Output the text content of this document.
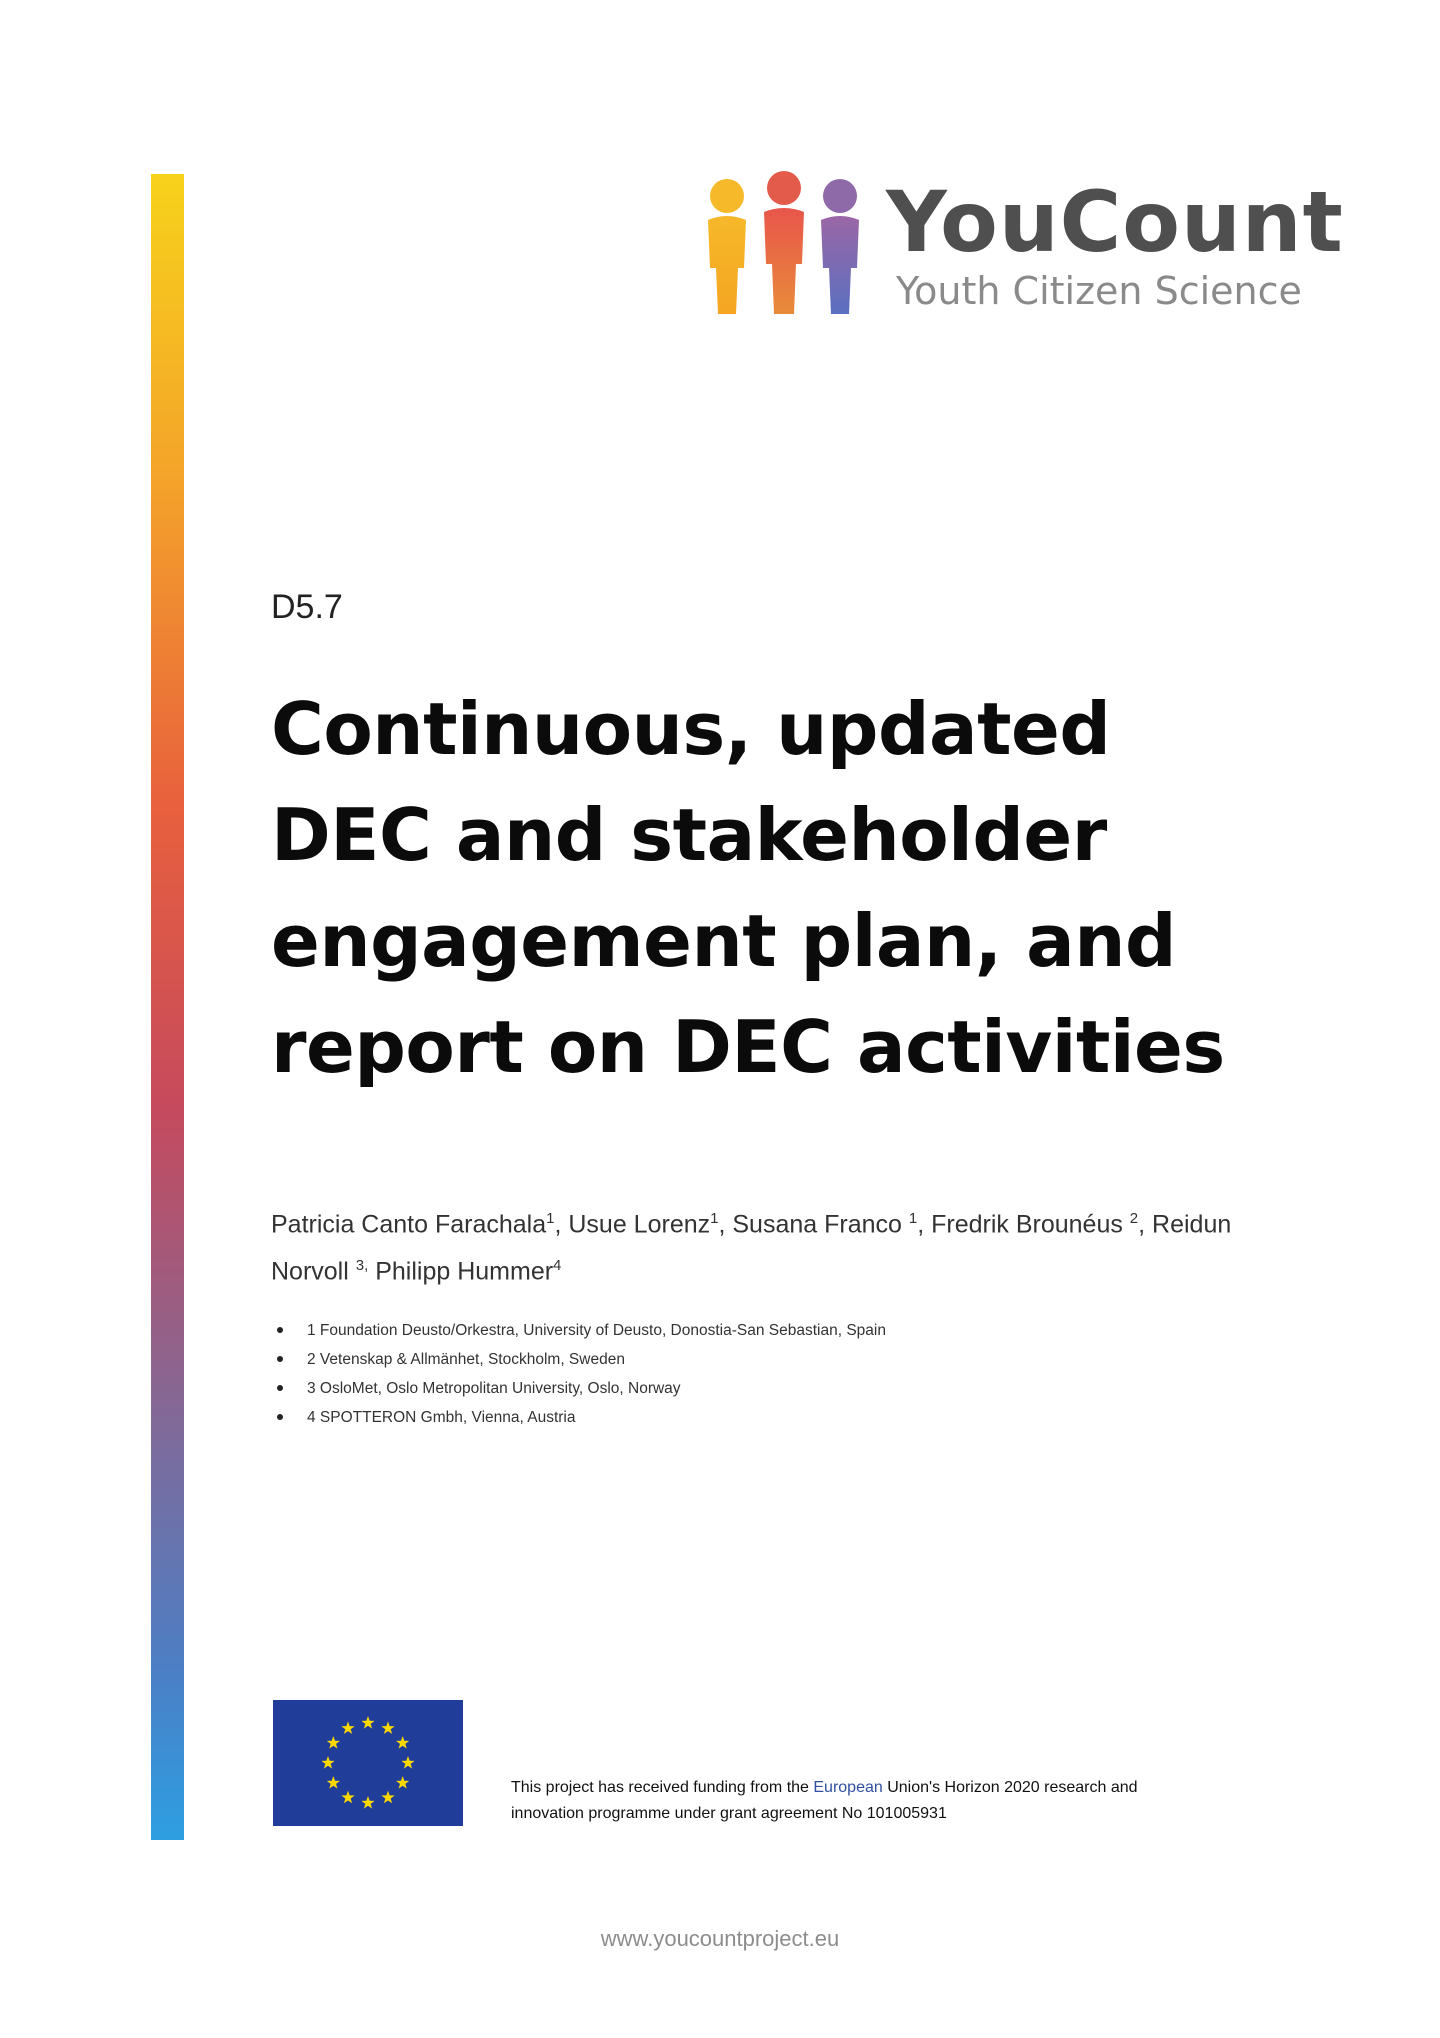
YouCount
Youth Citizen Science
D5.7
Continuous, updated DEC and stakeholder engagement plan, and report on DEC activities
Patricia Canto Farachala$^1$, Usue Lorenz$^1$, Susana Franco $^1$, Fredrik Brounéus $^2$, Reidun Norvoll $^{3,}$ Philipp Hummer$^4$
1 Foundation Deusto/Orkestra, University of Deusto, Donostia-San Sebastian, Spain
2 Vetenskap & Allmänhet, Stockholm, Sweden
3 OsloMet, Oslo Metropolitan University, Oslo, Norway
4 SPOTTERON Gmbh, Vienna, Austria
This project has received funding from the European Union's Horizon 2020 research and innovation programme under grant agreement No 101005931
www.youcountproject.eu
